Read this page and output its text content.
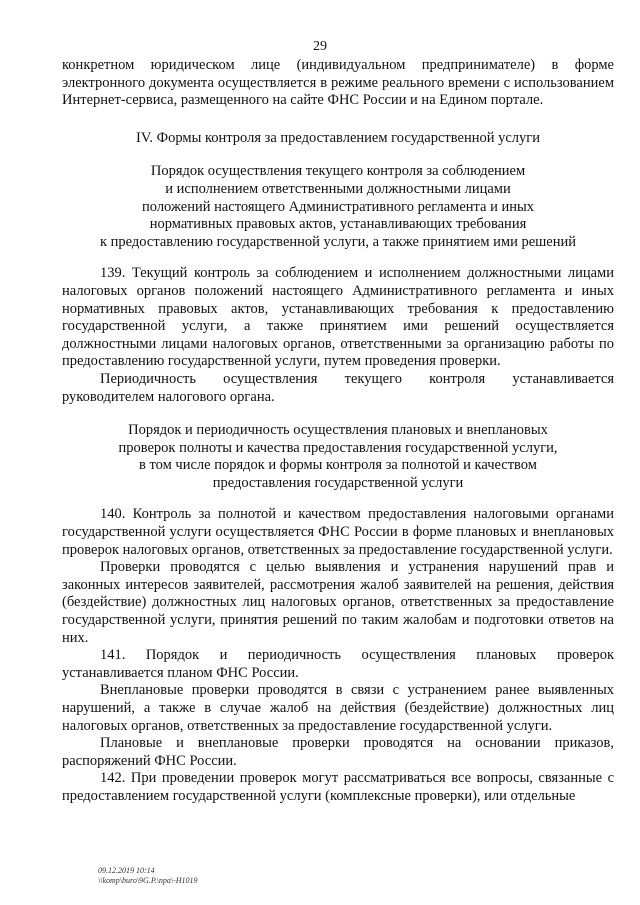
29

конкретном юридическом лице (индивидуальном предпринимателе) в форме электронного документа осуществляется в режиме реального времени с использованием Интернет-сервиса, размещенного на сайте ФНС России и на Едином портале.

IV. Формы контроля за предоставлением государственной услуги

Порядок осуществления текущего контроля за соблюдением
и исполнением ответственными должностными лицами
положений настоящего Административного регламента и иных
нормативных правовых актов, устанавливающих требования
к предоставлению государственной услуги, а также принятием ими решений

139. Текущий контроль за соблюдением и исполнением должностными лицами налоговых органов положений настоящего Административного регламента и иных нормативных правовых актов, устанавливающих требования к предоставлению государственной услуги, а также принятием ими решений осуществляется должностными лицами налоговых органов, ответственными за организацию работы по предоставлению государственной услуги, путем проведения проверки.

Периодичность осуществления текущего контроля устанавливается руководителем налогового органа.

Порядок и периодичность осуществления плановых и внеплановых
проверок полноты и качества предоставления государственной услуги,
в том числе порядок и формы контроля за полнотой и качеством
предоставления государственной услуги

140. Контроль за полнотой и качеством предоставления налоговыми органами государственной услуги осуществляется ФНС России в форме плановых и внеплановых проверок налоговых органов, ответственных за предоставление государственной услуги.

Проверки проводятся с целью выявления и устранения нарушений прав и законных интересов заявителей, рассмотрения жалоб заявителей на решения, действия (бездействие) должностных лиц налоговых органов, ответственных за предоставление государственной услуги, принятия решений по таким жалобам и подготовки ответов на них.

141. Порядок и периодичность осуществления плановых проверок устанавливается планом ФНС России.

Внеплановые проверки проводятся в связи с устранением ранее выявленных нарушений, а также в случае жалоб на действия (бездействие) должностных лиц налоговых органов, ответственных за предоставление государственной услуги.

Плановые и внеплановые проверки проводятся на основании приказов, распоряжений ФНС России.

142. При проведении проверок могут рассматриваться все вопросы, связанные с предоставлением государственной услуги (комплексные проверки), или отдельные

09.12.2019 10:14
\\komp\buro\9G.P.\npa\-H1019
